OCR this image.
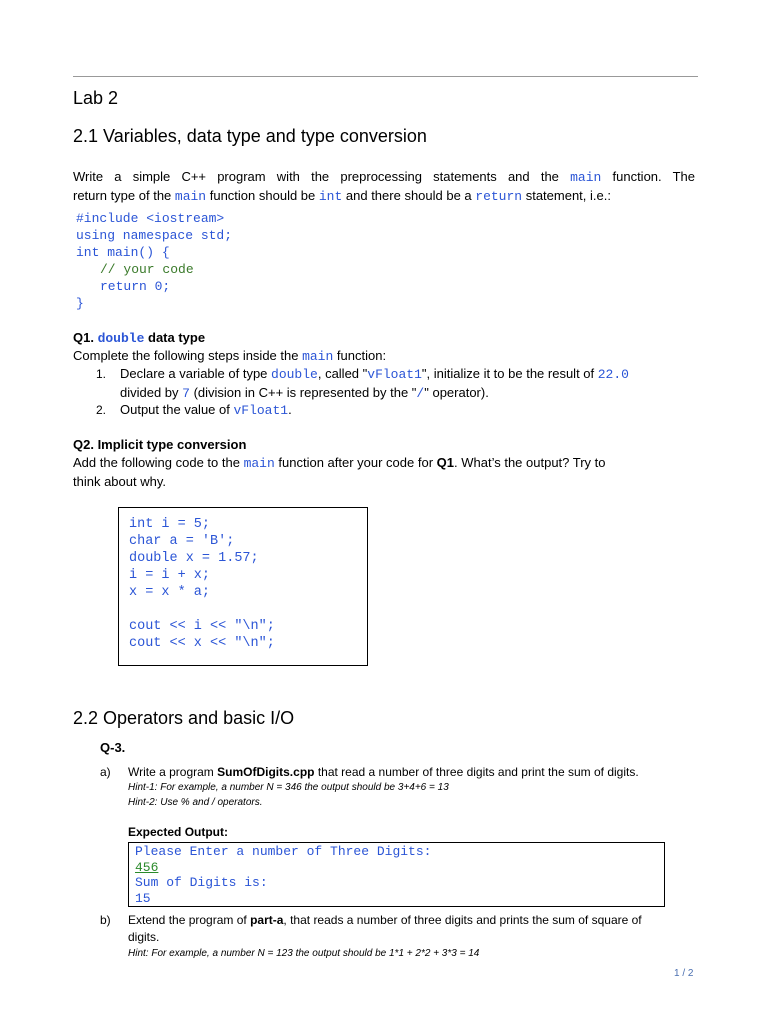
Lab 2
2.1 Variables, data type and type conversion
Write a simple C++ program with the preprocessing statements and the main function. The
return type of the main function should be int and there should be a return statement, i.e.:
#include <iostream>
using namespace std;
int main() {
// your code
return 0;
}
Q1. double data type
Complete the following steps inside the main function:
1. Declare a variable of type double, called "vFloat1", initialize it to be the result of 22.0
divided by 7 (division in C++ is represented by the "/" operator).
2. Output the value of vFloat1.
Q2. Implicit type conversion
Add the following code to the main function after your code for Q1. What’s the output? Try to
think about why.
int i = 5;
char a = 'B';
double x = 1.57;
i = i + x;
x = x * a;

cout << i << "\n";
cout << x << "\n";
2.2 Operators and basic I/O
Q-3.
a) Write a program SumOfDigits.cpp that read a number of three digits and print the sum of digits.
Hint-1: For example, a number N = 346 the output should be 3+4+6 = 13
Hint-2: Use % and / operators.
Expected Output:
Please Enter a number of Three Digits:
456
Sum of Digits is:
15
b) Extend the program of part-a, that reads a number of three digits and prints the sum of square of
digits.
Hint: For example, a number N = 123 the output should be 1*1 + 2*2 + 3*3 = 14
1 / 2
